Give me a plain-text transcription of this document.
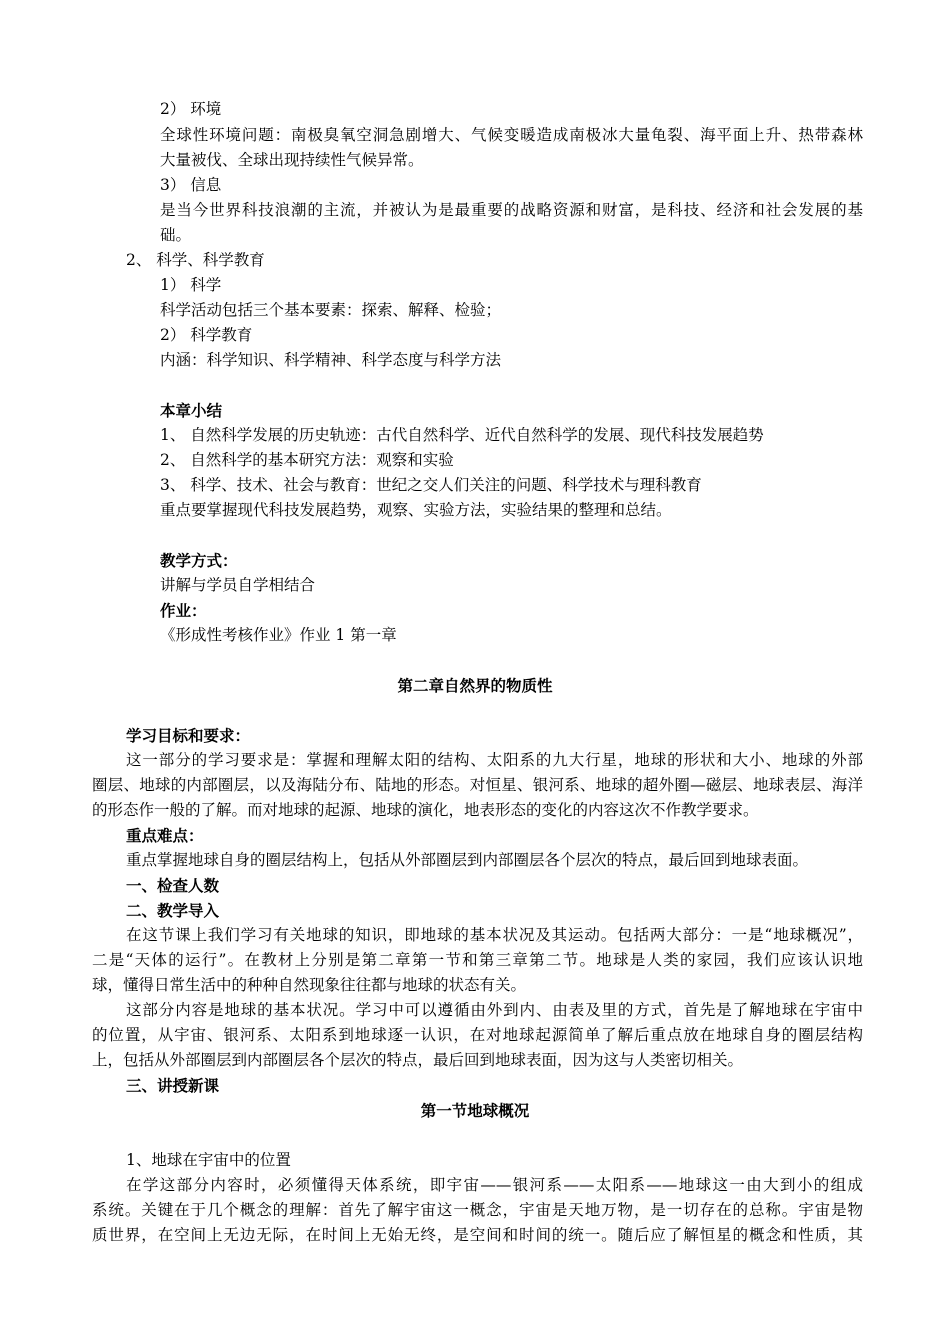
2） 环境
全球性环境问题：南极臭氧空洞急剧增大、气候变暖造成南极冰大量龟裂、海平面上升、热带森林
大量被伐、全球出现持续性气候异常。
3） 信息
是当今世界科技浪潮的主流，并被认为是最重要的战略资源和财富，是科技、经济和社会发展的基
础。
2、 科学、科学教育
1） 科学
科学活动包括三个基本要素：探索、解释、检验；
2） 科学教育
内涵：科学知识、科学精神、科学态度与科学方法
本章小结
1、 自然科学发展的历史轨迹：古代自然科学、近代自然科学的发展、现代科技发展趋势
2、 自然科学的基本研究方法：观察和实验
3、 科学、技术、社会与教育：世纪之交人们关注的问题、科学技术与理科教育
重点要掌握现代科技发展趋势，观察、实验方法，实验结果的整理和总结。
教学方式：
讲解与学员自学相结合
作业：
《形成性考核作业》作业 1 第一章
第二章自然界的物质性
学习目标和要求：
这一部分的学习要求是：掌握和理解太阳的结构、太阳系的九大行星，地球的形状和大小、地球的外部
圈层、地球的内部圈层，以及海陆分布、陆地的形态。对恒星、银河系、地球的超外圈—磁层、地球表层、海洋
的形态作一般的了解。而对地球的起源、地球的演化，地表形态的变化的内容这次不作教学要求。
重点难点：
重点掌握地球自身的圈层结构上，包括从外部圈层到内部圈层各个层次的特点，最后回到地球表面。
一、检查人数
二、教学导入
在这节课上我们学习有关地球的知识，即地球的基本状况及其运动。包括两大部分：一是“地球概况”，
二是“天体的运行”。在教材上分别是第二章第一节和第三章第二节。地球是人类的家园，我们应该认识地
球，懂得日常生活中的种种自然现象往往都与地球的状态有关。
这部分内容是地球的基本状况。学习中可以遵循由外到内、由表及里的方式，首先是了解地球在宇宙中
的位置，从宇宙、银河系、太阳系到地球逐一认识，在对地球起源简单了解后重点放在地球自身的圈层结构
上，包括从外部圈层到内部圈层各个层次的特点，最后回到地球表面，因为这与人类密切相关。
三、讲授新课
第一节地球概况
1、地球在宇宙中的位置
在学这部分内容时，必须懂得天体系统，即宇宙——银河系——太阳系——地球这一由大到小的组成
系统。关键在于几个概念的理解：首先了解宇宙这一概念，宇宙是天地万物，是一切存在的总称。宇宙是物
质世界，在空间上无边无际，在时间上无始无终，是空间和时间的统一。随后应了解恒星的概念和性质，其
